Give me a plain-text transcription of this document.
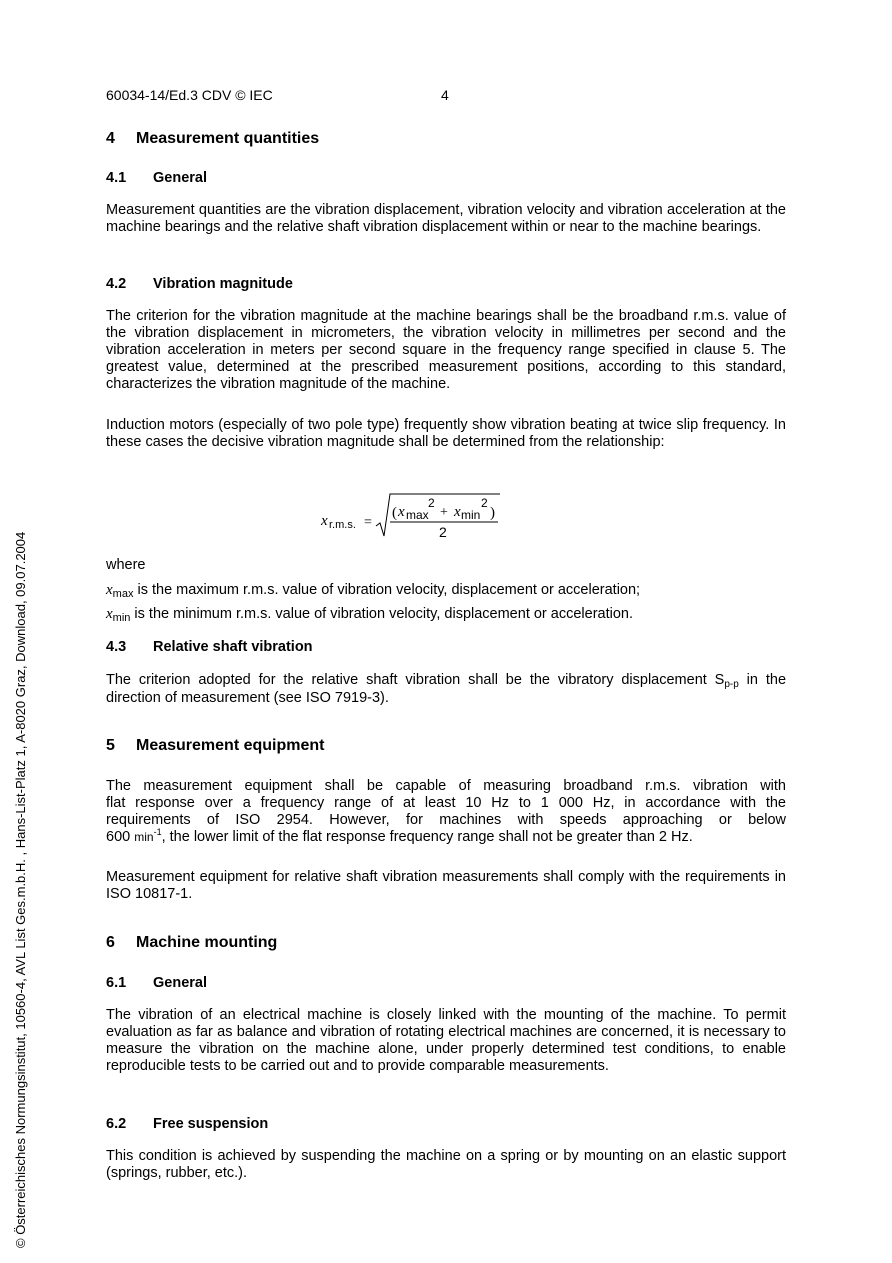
© Österreichisches Normungsinstitut, 10560-4, AVL List Ges.m.b.H. , Hans-List-Platz 1, A-8020 Graz, Download, 09.07.2004
60034-14/Ed.3 CDV © IEC	4
4 Measurement quantities
4.1 General
Measurement quantities are the vibration displacement, vibration velocity and vibration acceleration at the machine bearings and the relative shaft vibration displacement within or near to the machine bearings.
4.2 Vibration magnitude
The criterion for the vibration magnitude at the machine bearings shall be the broadband r.m.s. value of the vibration displacement in micrometers, the vibration velocity in millimetres per second and the vibration acceleration in meters per second square in the frequency range specified in clause 5. The greatest value, determined at the prescribed measurement positions, according to this standard, characterizes the vibration magnitude of the machine.
Induction motors (especially of two pole type) frequently show vibration beating at twice slip frequency. In these cases the decisive vibration magnitude shall be determined from the relationship:
x r.m.s. =
( x max
2
+ x min
2
)
2
where
$x_{max}$ is the maximum r.m.s. value of vibration velocity, displacement or acceleration;
$x_{min}$ is the minimum r.m.s. value of vibration velocity, displacement or acceleration.
4.3 Relative shaft vibration
The criterion adopted for the relative shaft vibration shall be the vibratory displacement $S_{p-p}$ in the direction of measurement (see ISO 7919-3).
5 Measurement equipment
The measurement equipment shall be capable of measuring broadband r.m.s. vibration with
flat response over a frequency range of at least 10 Hz to 1 000 Hz, in accordance with the
requirements of ISO 2954. However, for machines with speeds approaching or below
600 $\min^{-1}$, the lower limit of the flat response frequency range shall not be greater than 2 Hz.
Measurement equipment for relative shaft vibration measurements shall comply with the requirements in ISO 10817-1.
6 Machine mounting
6.1 General
The vibration of an electrical machine is closely linked with the mounting of the machine. To permit evaluation as far as balance and vibration of rotating electrical machines are concerned, it is necessary to measure the vibration on the machine alone, under properly determined test conditions, to enable reproducible tests to be carried out and to provide comparable measurements.
6.2 Free suspension
This condition is achieved by suspending the machine on a spring or by mounting on an elastic support (springs, rubber, etc.).
